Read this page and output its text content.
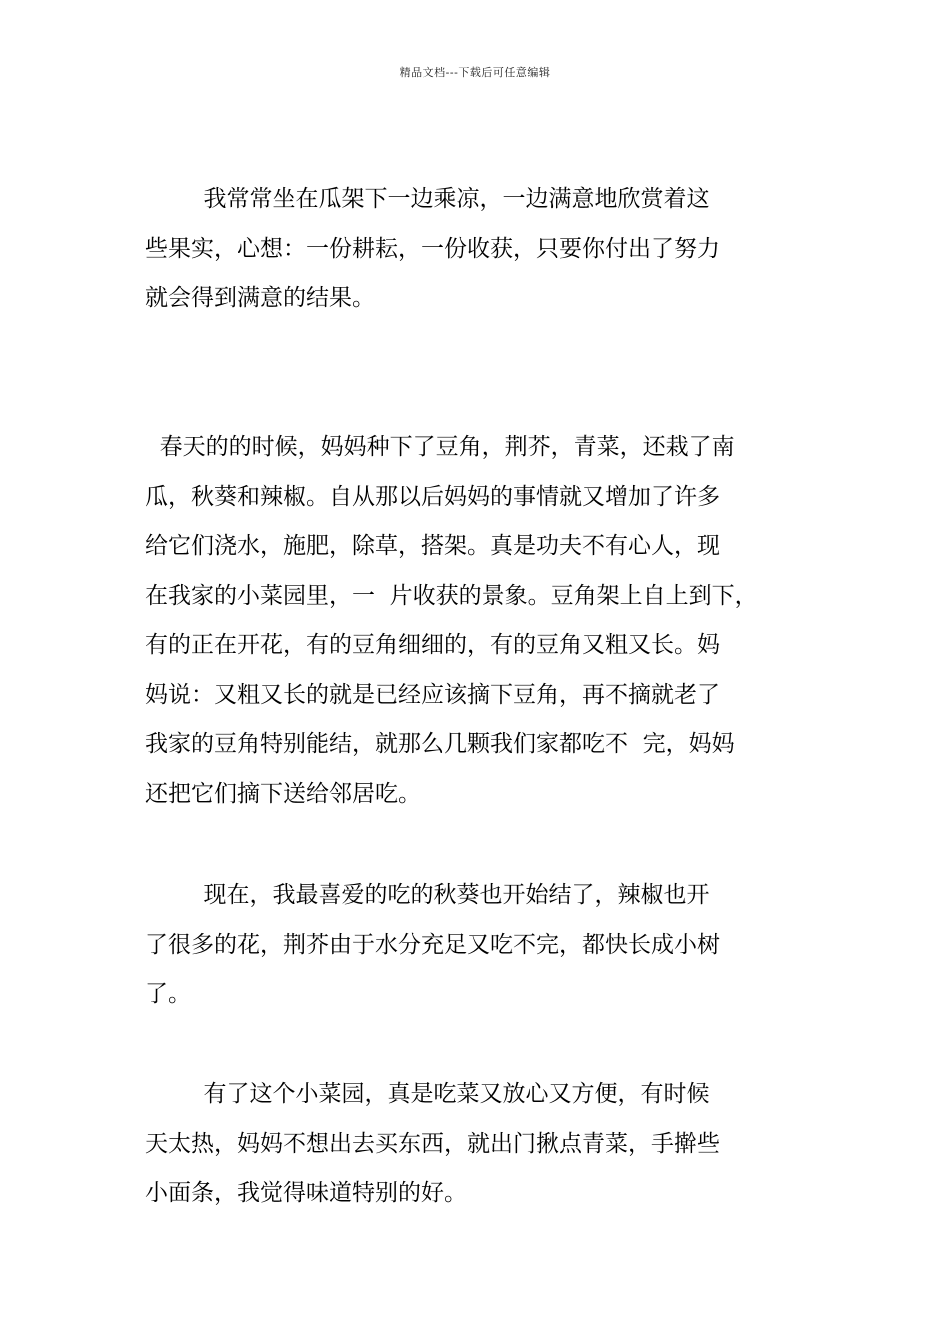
精品文档---下载后可任意编辑
我常常坐在瓜架下一边乘凉，一边满意地欣赏着这
些果实，心想：一份耕耘，一份收获，只要你付出了努力
就会得到满意的结果。
春天的的时候，妈妈种下了豆角，荆芥，青菜，还栽了南
瓜，秋葵和辣椒。自从那以后妈妈的事情就又增加了许多
给它们浇水，施肥，除草，搭架。真是功夫不有心人，现
在我家的小菜园里，一  片收获的景象。豆角架上自上到下，
有的正在开花，有的豆角细细的，有的豆角又粗又长。妈
妈说：又粗又长的就是已经应该摘下豆角，再不摘就老了
我家的豆角特别能结，就那么几颗我们家都吃不  完，妈妈
还把它们摘下送给邻居吃。
现在，我最喜爱的吃的秋葵也开始结了，辣椒也开
了很多的花，荆芥由于水分充足又吃不完，都快长成小树
了。
有了这个小菜园，真是吃菜又放心又方便，有时候
天太热，妈妈不想出去买东西，就出门揪点青菜，手擀些
小面条，我觉得味道特别的好。
